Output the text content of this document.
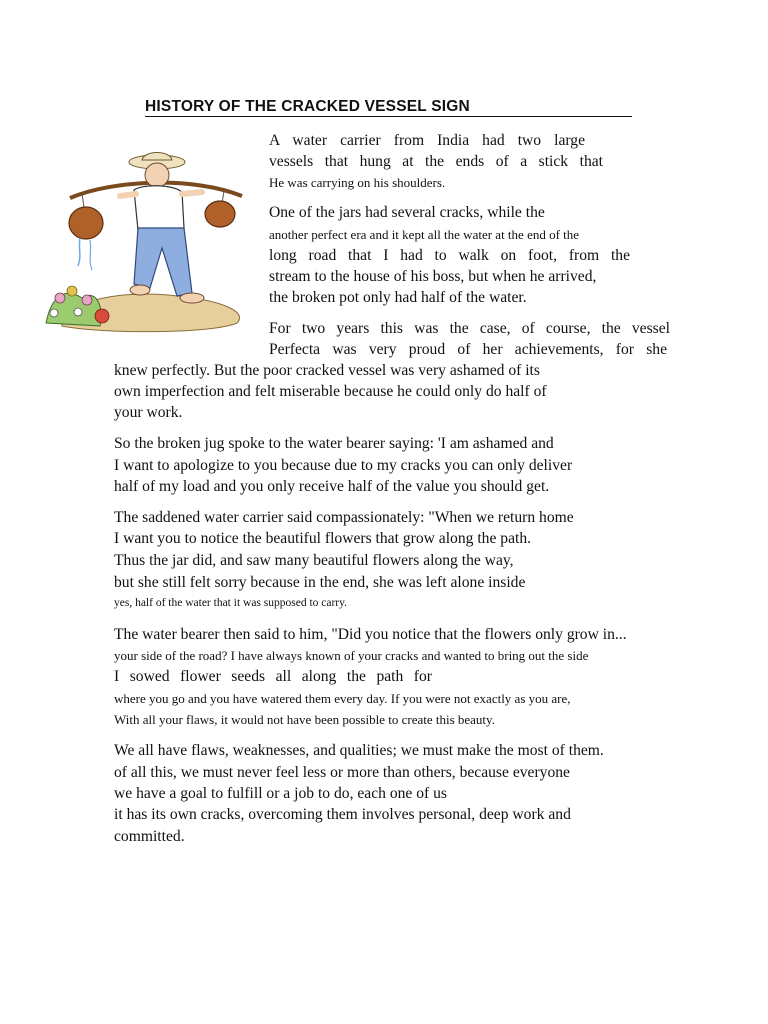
HISTORY OF THE CRACKED VESSEL SIGN
A water carrier from India had two large
vessels that hung at the ends of a stick that
He was carrying on his shoulders.
One of the jars had several cracks, while the
another perfect era and it kept all the water at the end of the
long road that I had to walk on foot, from the
stream to the house of his boss, but when he arrived,
the broken pot only had half of the water.
For two years this was the case, of course, the vessel
Perfecta was very proud of her achievements, for she
knew perfectly. But the poor cracked vessel was very ashamed of its
own imperfection and felt miserable because he could only do half of
your work.
So the broken jug spoke to the water bearer saying: 'I am ashamed and
I want to apologize to you because due to my cracks you can only deliver
half of my load and you only receive half of the value you should get.
The saddened water carrier said compassionately: "When we return home
I want you to notice the beautiful flowers that grow along the path.
Thus the jar did, and saw many beautiful flowers along the way,
but she still felt sorry because in the end, she was left alone inside
yes, half of the water that it was supposed to carry.
The water bearer then said to him, "Did you notice that the flowers only grow in...
your side of the road? I have always known of your cracks and wanted to bring out the side
I sowed flower seeds all along the path for
where you go and you have watered them every day. If you were not exactly as you are,
With all your flaws, it would not have been possible to create this beauty.
We all have flaws, weaknesses, and qualities; we must make the most of them.
of all this, we must never feel less or more than others, because everyone
we have a goal to fulfill or a job to do, each one of us
it has its own cracks, overcoming them involves personal, deep work and
committed.
